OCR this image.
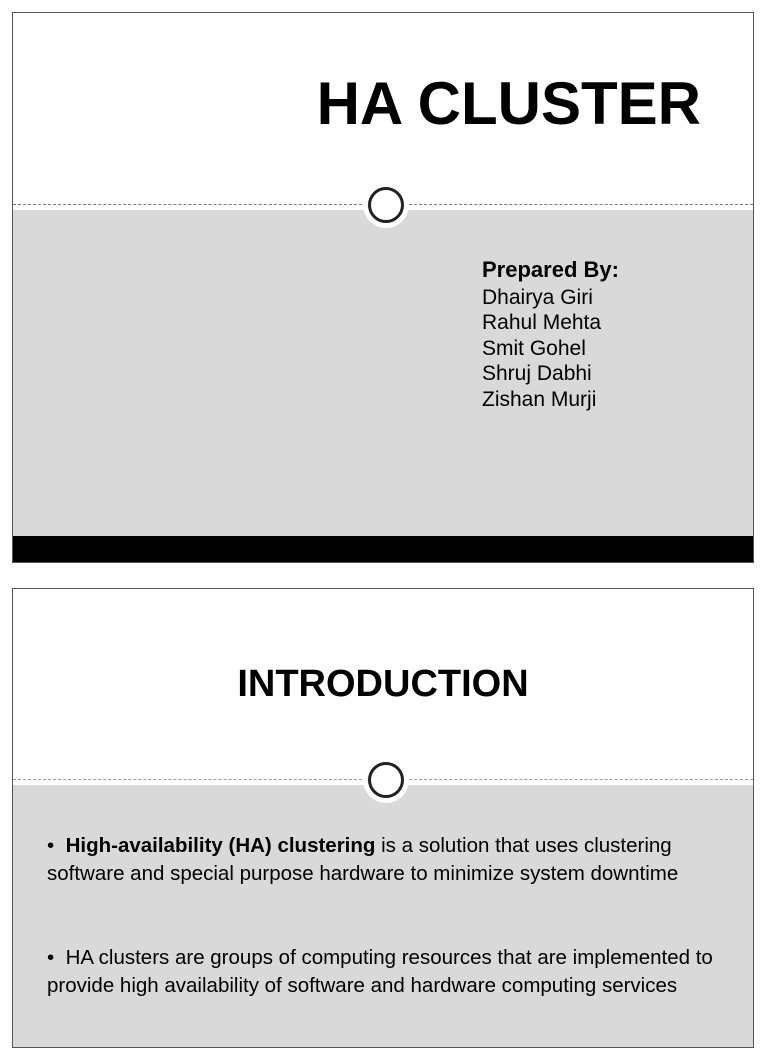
HA CLUSTER
Prepared By:
Dhairya Giri
Rahul Mehta
Smit Gohel
Shruj Dabhi
Zishan Murji
INTRODUCTION

• High-availability (HA) clustering is a solution that uses clustering software and special purpose hardware to minimize system downtime

• HA clusters are groups of computing resources that are implemented to provide high availability of software and hardware computing services
